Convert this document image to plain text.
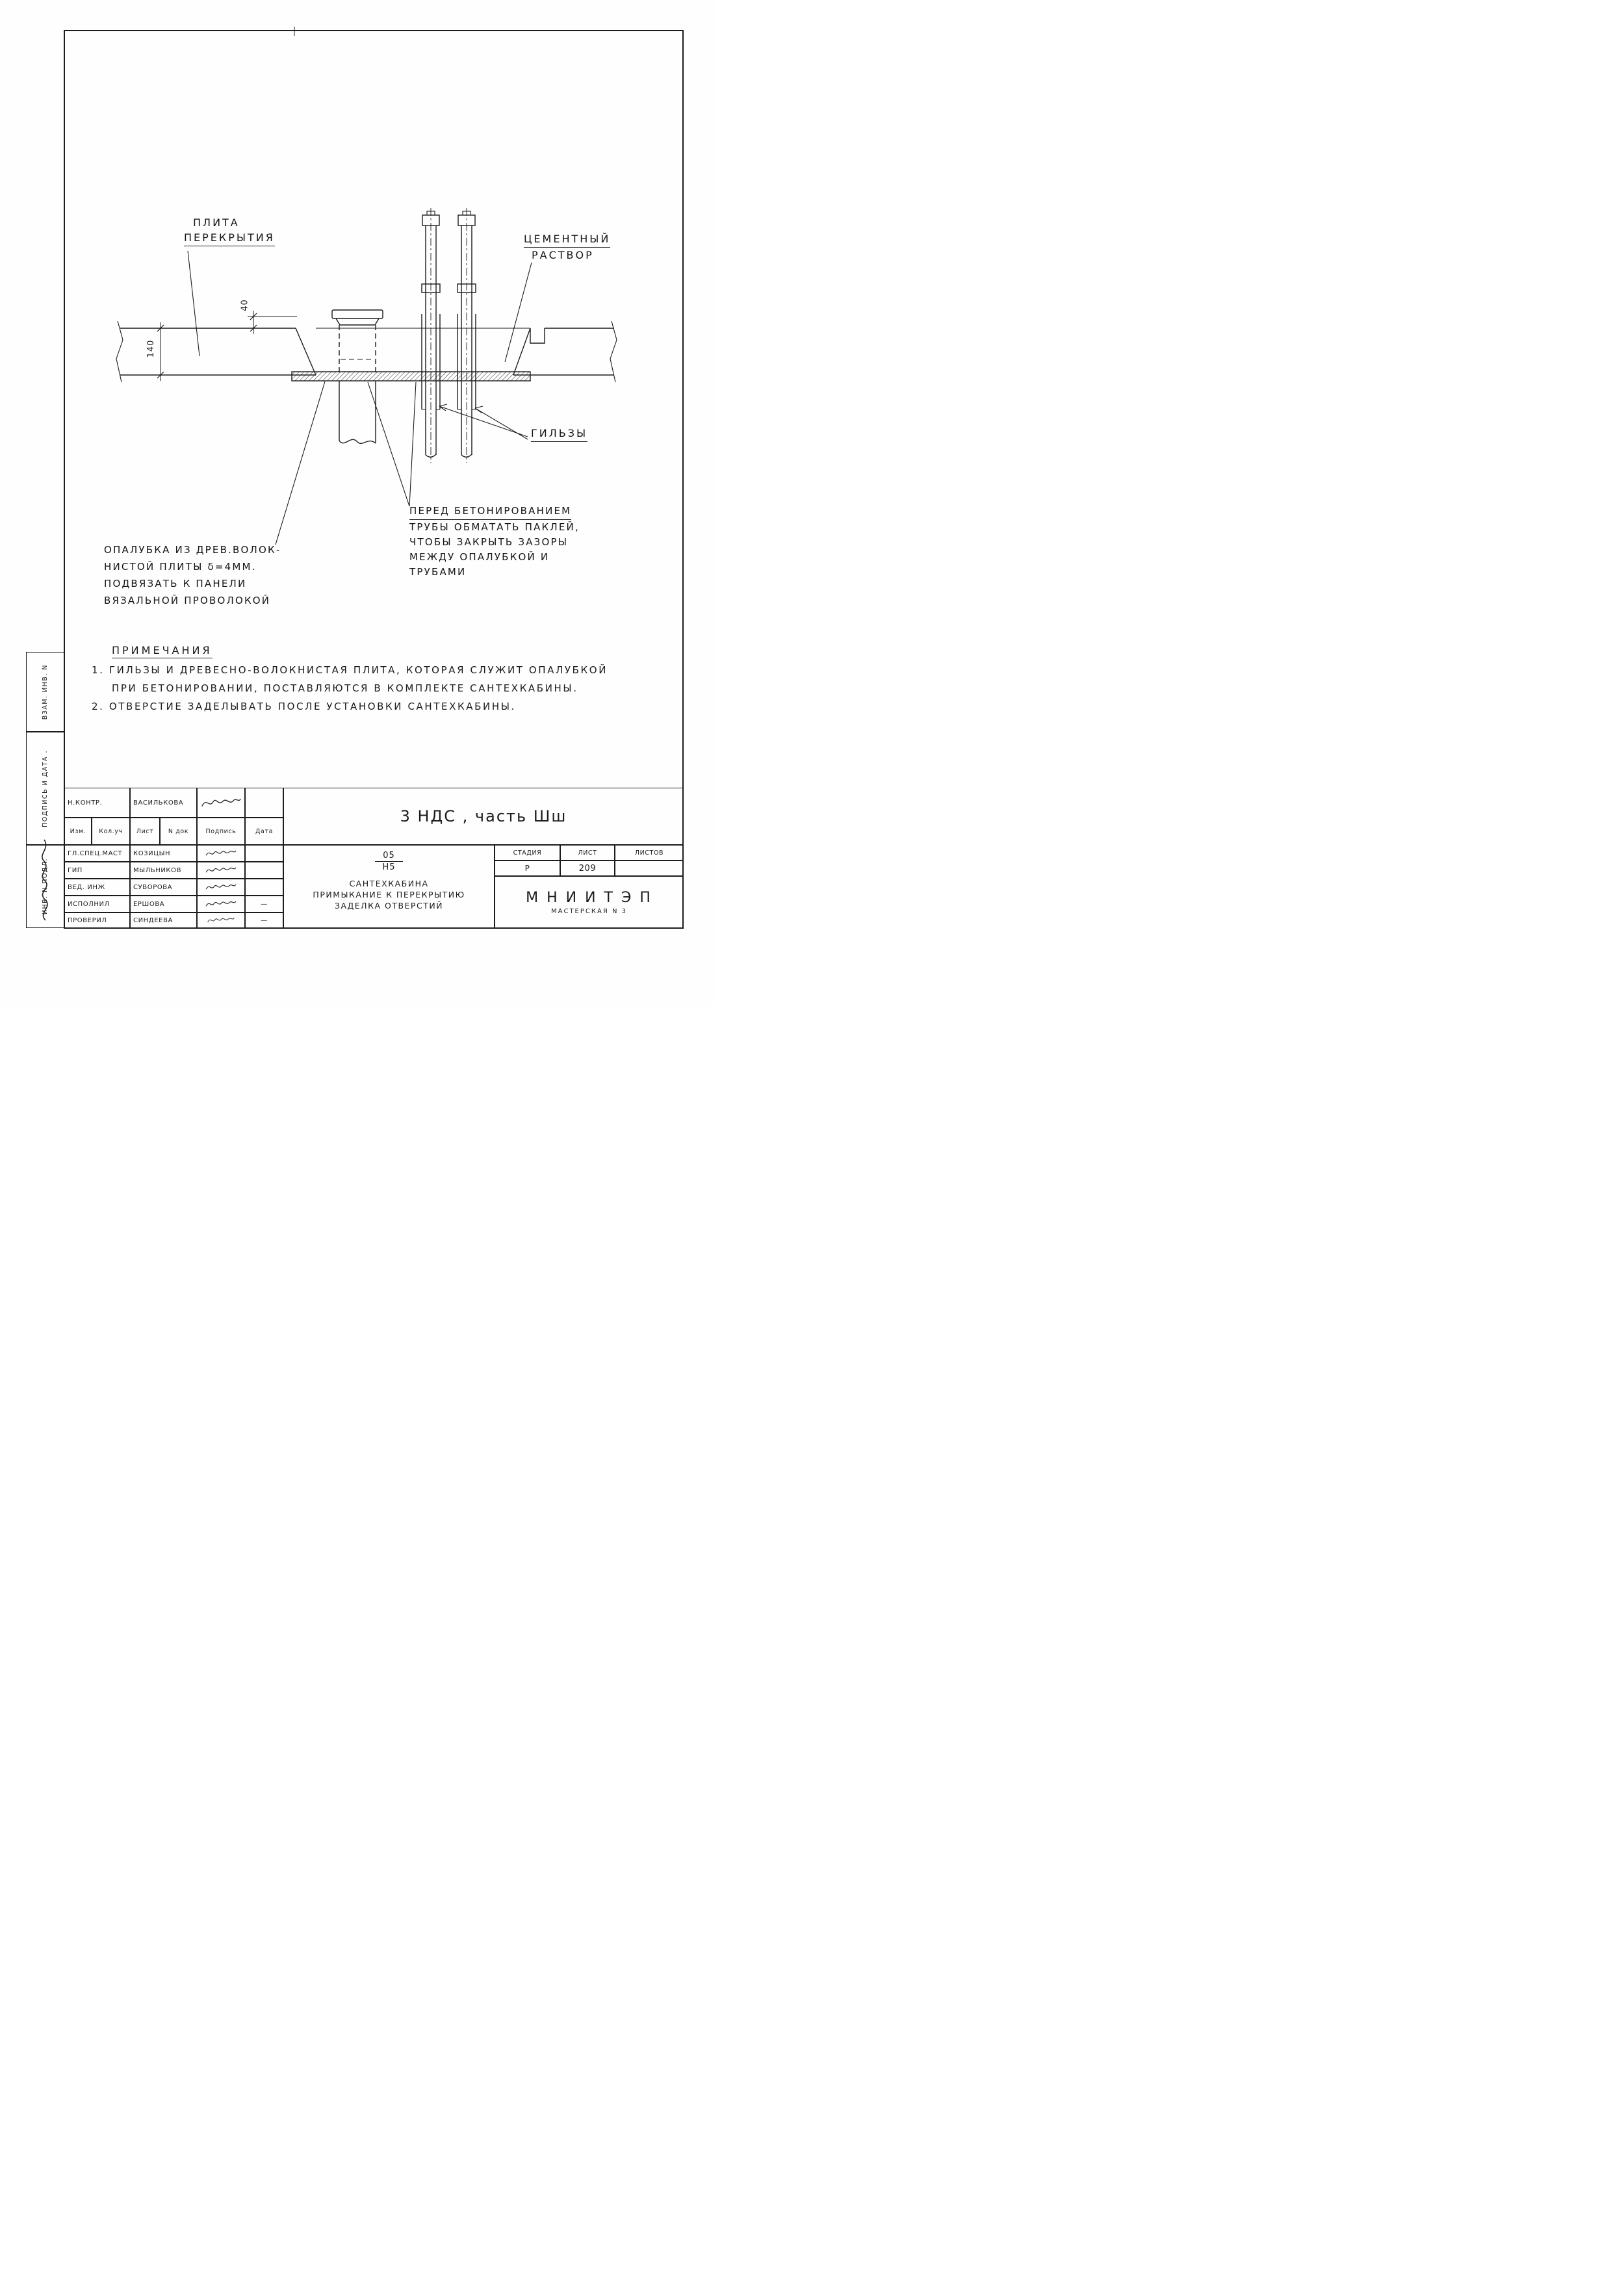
ПЛИТА
ПЕРЕКРЫТИЯ	ЦЕМЕНТНЫЙ
РАСТВОР
ГИЛЬЗЫ
ПЕРЕД БЕТОНИРОВАНИЕМ
ТРУБЫ ОБМАТАТЬ ПАКЛЕЙ,
ЧТОБЫ ЗАКРЫТЬ ЗАЗОРЫ
МЕЖДУ ОПАЛУБКОЙ И
ТРУБАМИ
ОПАЛУБКА ИЗ ДРЕВ.ВОЛОК-
НИСТОЙ ПЛИТЫ δ=4ММ.
ПОДВЯЗАТЬ К ПАНЕЛИ
ВЯЗАЛЬНОЙ ПРОВОЛОКОЙ
140
40
ПРИМЕЧАНИЯ
1. ГИЛЬЗЫ И ДРЕВЕСНО-ВОЛОКНИСТАЯ ПЛИТА, КОТОРАЯ СЛУЖИТ ОПАЛУБКОЙ
ПРИ БЕТОНИРОВАНИИ, ПОСТАВЛЯЮТСЯ В КОМПЛЕКТЕ САНТЕХКАБИНЫ.
2. ОТВЕРСТИЕ ЗАДЕЛЫВАТЬ ПОСЛЕ УСТАНОВКИ САНТЕХКАБИНЫ.
ВЗАМ. ИНВ. N
ПОДПИСЬ И ДАТА .
ИНВ. N ПОДЛ.
Н.КОНТР.	ВАСИЛЬКОВА
Изм.	Кол.уч	Лист	N док	Подпись	Дата
ГЛ.СПЕЦ.МАСТ	КОЗИЦЫН
ГИП	МЫЛЬНИКОВ
ВЕД. ИНЖ	СУВОРОВА
ИСПОЛНИЛ	ЕРШОВА	—
ПРОВЕРИЛ	СИНДЕЕВА	—
3 НДС , часть Шш
05
Н5
САНТЕХКАБИНА
ПРИМЫКАНИЕ К ПЕРЕКРЫТИЮ
ЗАДЕЛКА ОТВЕРСТИЙ
СТАДИЯ	ЛИСТ	ЛИСТОВ
Р	209
М Н И И Т Э П
МАСТЕРСКАЯ N 3
